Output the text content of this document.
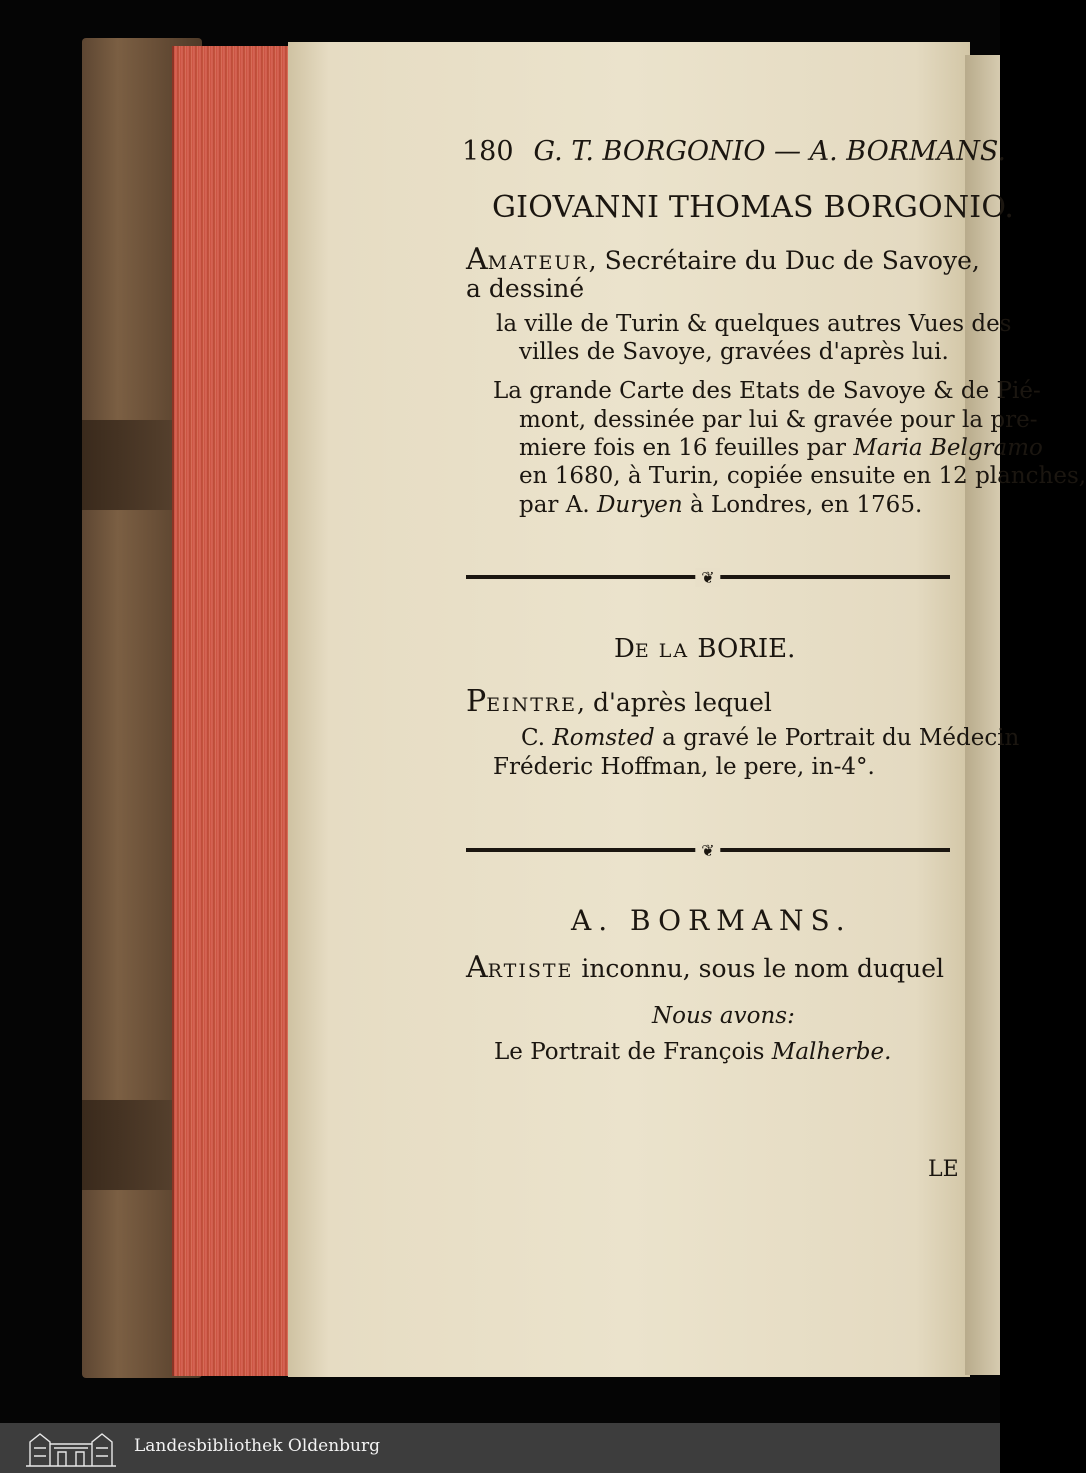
180 G. T. BORGONIO — A. BORMANS.
GIOVANNI THOMAS BORGONIO.
AMATEUR, Secrétaire du Duc de Savoye,
a dessiné
la ville de Turin & quelques autres Vues des
villes de Savoye, gravées d'après lui.
La grande Carte des Etats de Savoye & de Pié-
mont, dessinée par lui & gravée pour la pre-
miere fois en 16 feuilles par Maria Belgramo
en 1680, à Turin, copiée ensuite en 12 planches,
par A. Duryen à Londres, en 1765.
❦
DE LA BORIE.
PEINTRE, d'après lequel
C. Romsted a gravé le Portrait du Médecin
Fréderic Hoffman, le pere, in-4°.
❦
A. BORMANS.
ARTISTE inconnu, sous le nom duquel
Nous avons:
Le Portrait de François Malherbe.
LE
Landesbibliothek Oldenburg
